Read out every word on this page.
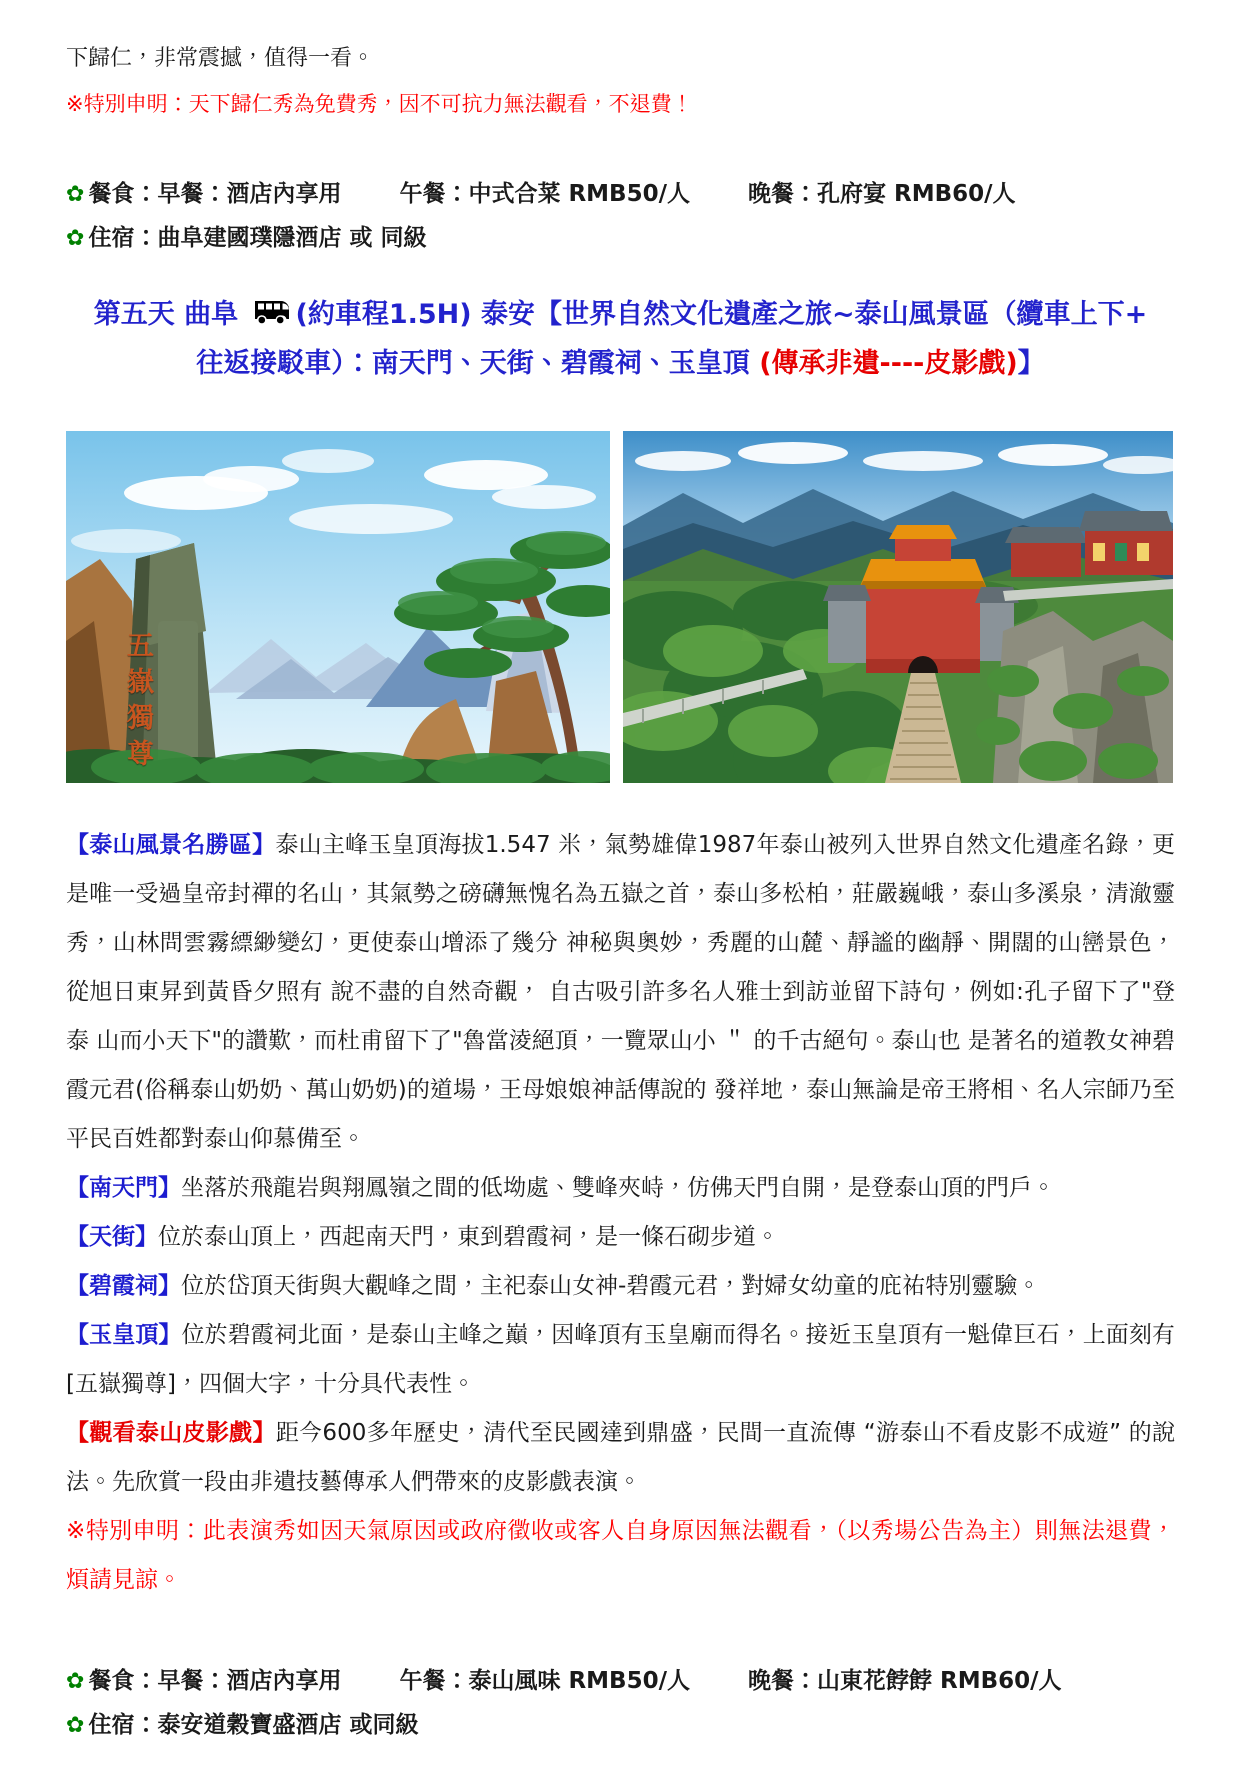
下歸仁，非常震撼，值得一看。

※特別申明：天下歸仁秀為免費秀，因不可抗力無法觀看，不退費！

✿ 餐食：早餐：酒店內享用	午餐：中式合菜 RMB50/人	晚餐：孔府宴 RMB60/人

✿ 住宿：曲阜建國璞隱酒店 或 同級

第五天 曲阜 (約車程1.5H) 泰安【世界自然文化遺產之旅~泰山風景區（纜車上下+
往返接駁車）：南天門、天街、碧霞祠、玉皇頂 (傳承非遺----皮影戲)】
五嶽獨尊

【泰山風景名勝區】泰山主峰玉皇頂海拔1.547 米，氣勢雄偉1987年泰山被列入世界自然文化遺產名錄，更是唯一受過皇帝封禪的名山，其氣勢之磅礴無愧名為五嶽之首，泰山多松柏，莊嚴巍峨，泰山多溪泉，清澈靈秀，山林問雲霧縹緲變幻，更使泰山增添了幾分 神秘與奧妙，秀麗的山麓、靜謐的幽靜、開闊的山巒景色，從旭日東昇到黃昏夕照有 說不盡的自然奇觀， 自古吸引許多名人雅士到訪並留下詩句，例如:孔子留下了"登泰 山而小天下"的讚歎，而杜甫留下了"魯當淩絕頂，一覽眾山小 ＂ 的千古絕句。泰山也 是著名的道教女神碧霞元君(俗稱泰山奶奶、萬山奶奶)的道場，王母娘娘神話傳說的 發祥地，泰山無論是帝王將相、名人宗師乃至平民百姓都對泰山仰慕備至。

【南天門】坐落於飛龍岩與翔鳳嶺之間的低坳處、雙峰夾峙，仿佛天門自開，是登泰山頂的門戶。

【天街】位於泰山頂上，西起南天門，東到碧霞祠，是一條石砌步道。

【碧霞祠】位於岱頂天街與大觀峰之間，主祀泰山女神-碧霞元君，對婦女幼童的庇祐特別靈驗。

【玉皇頂】位於碧霞祠北面，是泰山主峰之巔，因峰頂有玉皇廟而得名。接近玉皇頂有一魁偉巨石，上面刻有[五嶽獨尊]，四個大字，十分具代表性。

【觀看泰山皮影戲】距今600多年歷史，清代至民國達到鼎盛，民間一直流傳 “游泰山不看皮影不成遊” 的說法。先欣賞一段由非遺技藝傳承人們帶來的皮影戲表演。

※特別申明：此表演秀如因天氣原因或政府徵收或客人自身原因無法觀看，（以秀場公告為主）則無法退費，煩請見諒。

✿ 餐食：早餐：酒店內享用	午餐：泰山風味 RMB50/人	晚餐：山東花餑餑 RMB60/人

✿ 住宿：泰安道穀寶盛酒店 或同級
